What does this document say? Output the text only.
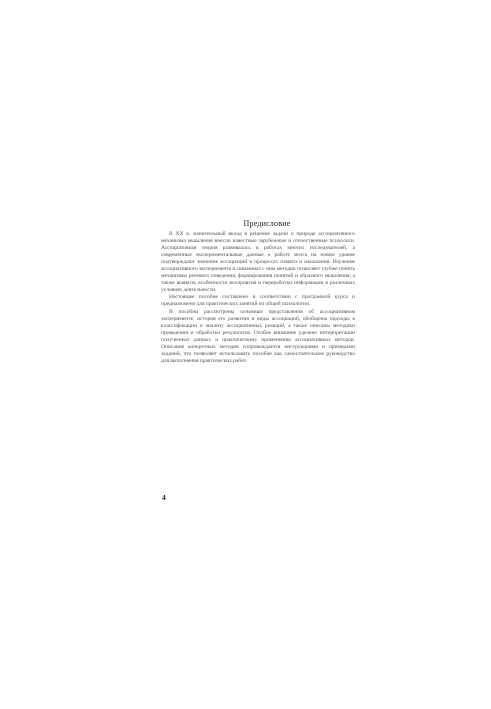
Предисловие

В XX в. значительный вклад в решение задачи о природе ассоциативного механизма мышления внесли известные зарубежные и отечественные психологи. Ассоциативная теория развивалась в работах многих исследователей, а современные экспериментальные данные о работе мозга на новом уровне подтверждают значение ассоциаций в процессах памяти и мышления. Изучение ассоциативного эксперимента и связанных с ним методик позволяет глубже понять механизмы речевого поведения, формирования понятий и образного мышления, а также выявить особенности восприятия и переработки информации в различных условиях деятельности.

Настоящее пособие составлено в соответствии с программой курса и предназначено для практических занятий по общей психологии.

В пособии рассмотрены основные представления об ассоциативном эксперименте, история его развития и виды ассоциаций, обобщены подходы к классификации и анализу ассоциативных реакций, а также описаны методики проведения и обработки результатов. Особое внимание уделено интерпретации полученных данных и практическому применению ассоциативных методов. Описание конкретных методик сопровождается инструкциями и примерами заданий, что позволяет использовать пособие как самостоятельное руководство для выполнения практических работ.

4
